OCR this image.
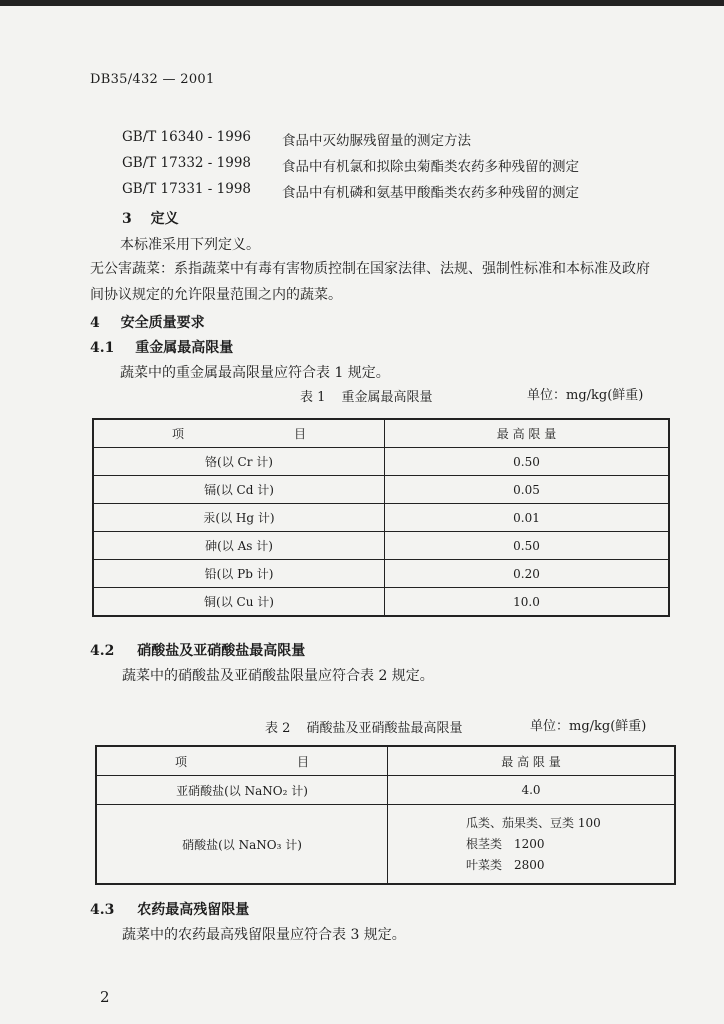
DB35/432 — 2001
GB/T 16340 - 1996 食品中灭幼脲残留量的测定方法
GB/T 17332 - 1998 食品中有机氯和拟除虫菊酯类农药多种残留的测定
GB/T 17331 - 1998 食品中有机磷和氨基甲酸酯类农药多种残留的测定
3 定义
本标准采用下列定义。
无公害蔬菜：系指蔬菜中有毒有害物质控制在国家法律、法规、强制性标准和本标准及政府
间协议规定的允许限量范围之内的蔬菜。
4 安全质量要求
4.1 重金属最高限量
蔬菜中的重金属最高限量应符合表 1 规定。
表 1 重金属最高限量	单位：mg/kg(鲜重)
项 目	最 高 限 量
铬(以 Cr 计)	0.50
镉(以 Cd 计)	0.05
汞(以 Hg 计)	0.01
砷(以 As 计)	0.50
铅(以 Pb 计)	0.20
铜(以 Cu 计)	10.0
4.2 硝酸盐及亚硝酸盐最高限量
蔬菜中的硝酸盐及亚硝酸盐限量应符合表 2 规定。
表 2 硝酸盐及亚硝酸盐最高限量	单位：mg/kg(鲜重)
项 目	最 高 限 量
亚硝酸盐(以 NaNO₂ 计)	4.0
硝酸盐(以 NaNO₃ 计)	瓜类、茄果类、豆类 100
根茎类　1200
叶菜类　2800
4.3 农药最高残留限量
蔬菜中的农药最高残留限量应符合表 3 规定。
2
